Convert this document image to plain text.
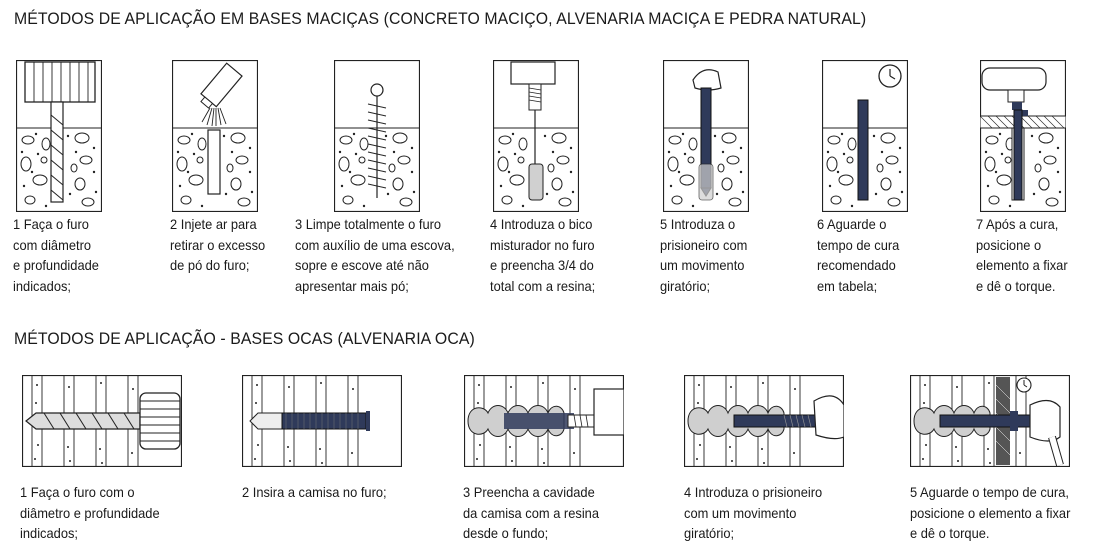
MÉTODOS DE APLICAÇÃO EM BASES MACIÇAS (CONCRETO MACIÇO, ALVENARIA MACIÇA E PEDRA NATURAL)
MÉTODOS DE APLICAÇÃO - BASES OCAS (ALVENARIA OCA)
1 Faça o furo
com diâmetro
e profundidade
indicados;
2 Injete ar para
retirar o excesso
de pó do furo;
3 Limpe totalmente o furo
com auxílio de uma escova,
sopre e escove até não
apresentar mais pó;
4 Introduza o bico
misturador no furo
e preencha 3/4 do
total com a resina;
5 Introduza o
prisioneiro com
um movimento
giratório;
6 Aguarde o
tempo de cura
recomendado
em tabela;
7 Após a cura,
posicione o
elemento a fixar
e dê o torque.
1 Faça o furo com o
diâmetro e profundidade
indicados;
2 Insira a camisa no furo;	3 Preencha a cavidade
da camisa com a resina
desde o fundo;
4 Introduza o prisioneiro
com um movimento
giratório;
5 Aguarde o tempo de cura,
posicione o elemento a fixar
e dê o torque.
